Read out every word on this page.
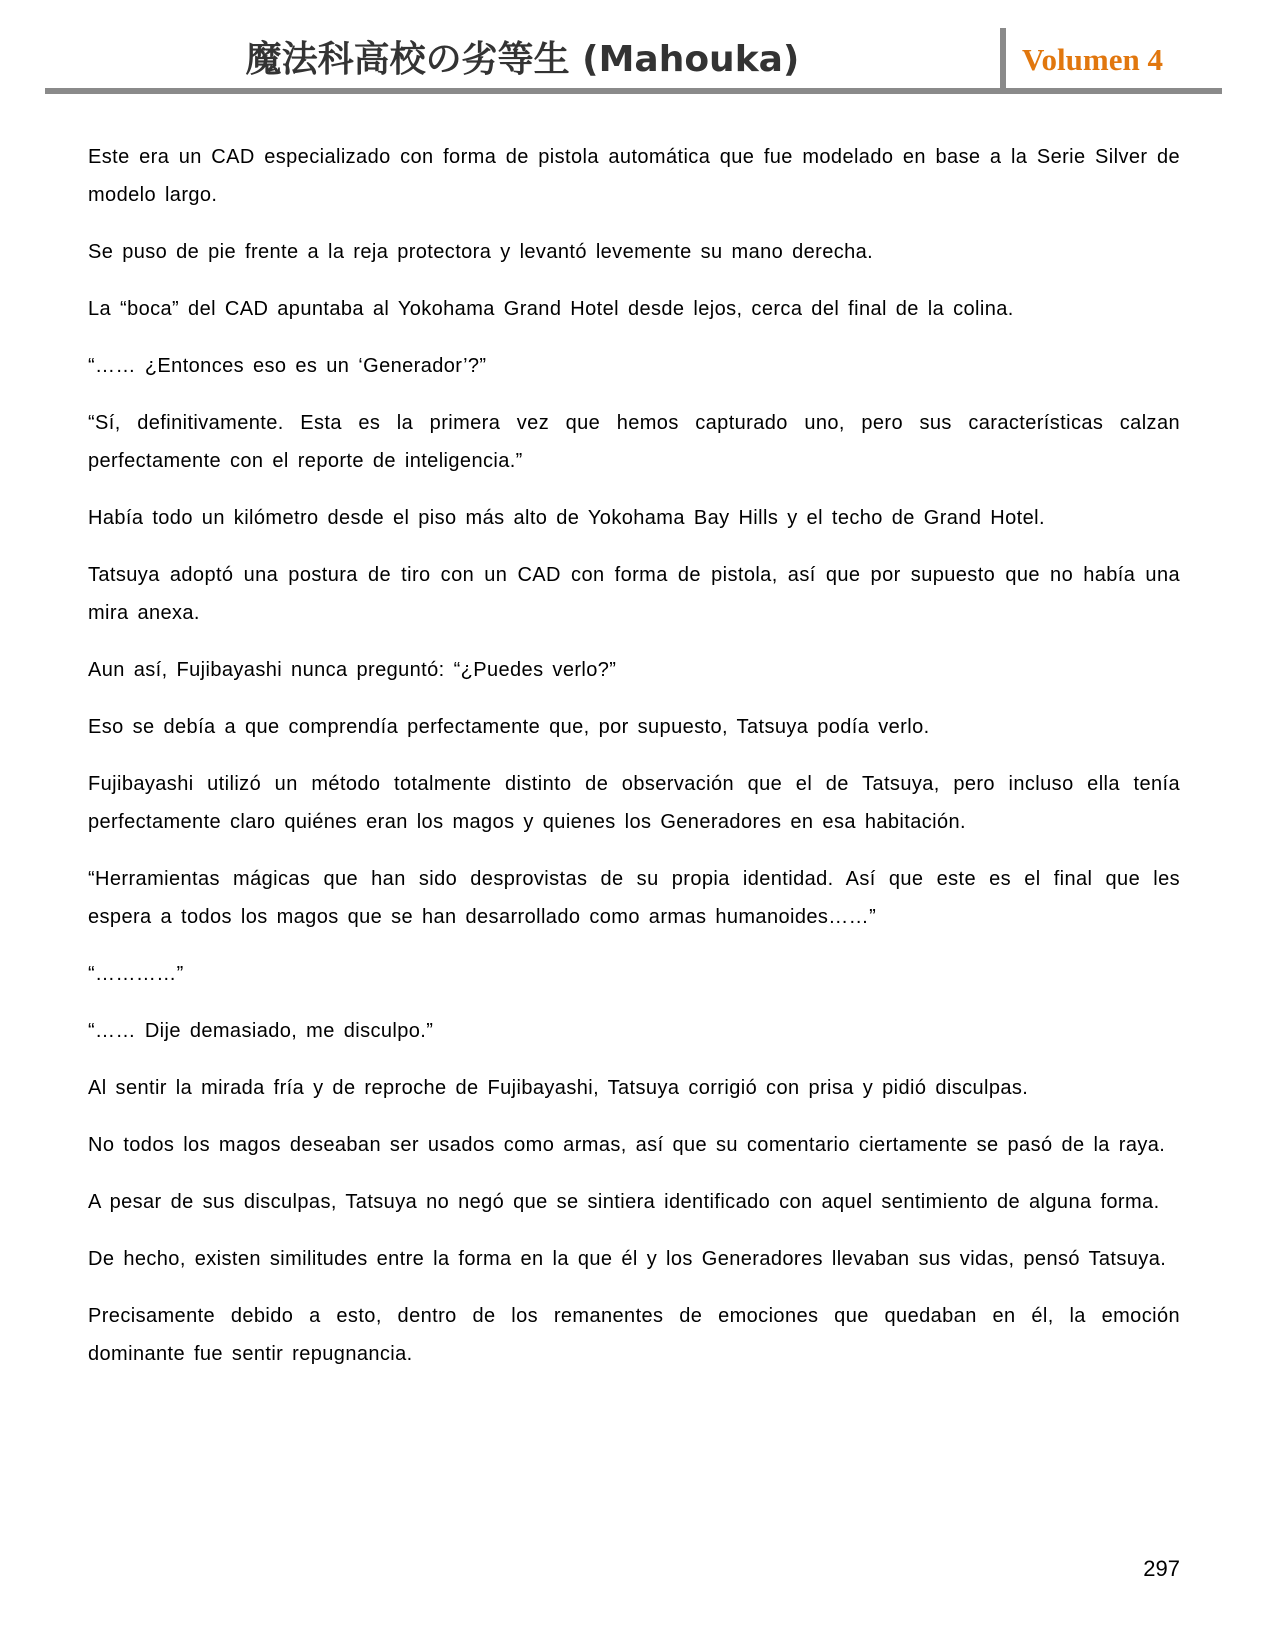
魔法科高校の劣等生 (Mahouka)	Volumen 4

Este era un CAD especializado con forma de pistola automática que fue modelado en base a la Serie Silver de modelo largo.

Se puso de pie frente a la reja protectora y levantó levemente su mano derecha.

La “boca” del CAD apuntaba al Yokohama Grand Hotel desde lejos, cerca del final de la colina.

“…… ¿Entonces eso es un ‘Generador’?”

“Sí, definitivamente. Esta es la primera vez que hemos capturado uno, pero sus características calzan perfectamente con el reporte de inteligencia.”

Había todo un kilómetro desde el piso más alto de Yokohama Bay Hills y el techo de Grand Hotel.

Tatsuya adoptó una postura de tiro con un CAD con forma de pistola, así que por supuesto que no había una mira anexa.

Aun así, Fujibayashi nunca preguntó: “¿Puedes verlo?”

Eso se debía a que comprendía perfectamente que, por supuesto, Tatsuya podía verlo.

Fujibayashi utilizó un método totalmente distinto de observación que el de Tatsuya, pero incluso ella tenía perfectamente claro quiénes eran los magos y quienes los Generadores en esa habitación.

“Herramientas mágicas que han sido desprovistas de su propia identidad. Así que este es el final que les espera a todos los magos que se han desarrollado como armas humanoides……”

“…………”

“…… Dije demasiado, me disculpo.”

Al sentir la mirada fría y de reproche de Fujibayashi, Tatsuya corrigió con prisa y pidió disculpas.

No todos los magos deseaban ser usados como armas, así que su comentario ciertamente se pasó de la raya.

A pesar de sus disculpas, Tatsuya no negó que se sintiera identificado con aquel sentimiento de alguna forma.

De hecho, existen similitudes entre la forma en la que él y los Generadores llevaban sus vidas, pensó Tatsuya.

Precisamente debido a esto, dentro de los remanentes de emociones que quedaban en él, la emoción dominante fue sentir repugnancia.

297
